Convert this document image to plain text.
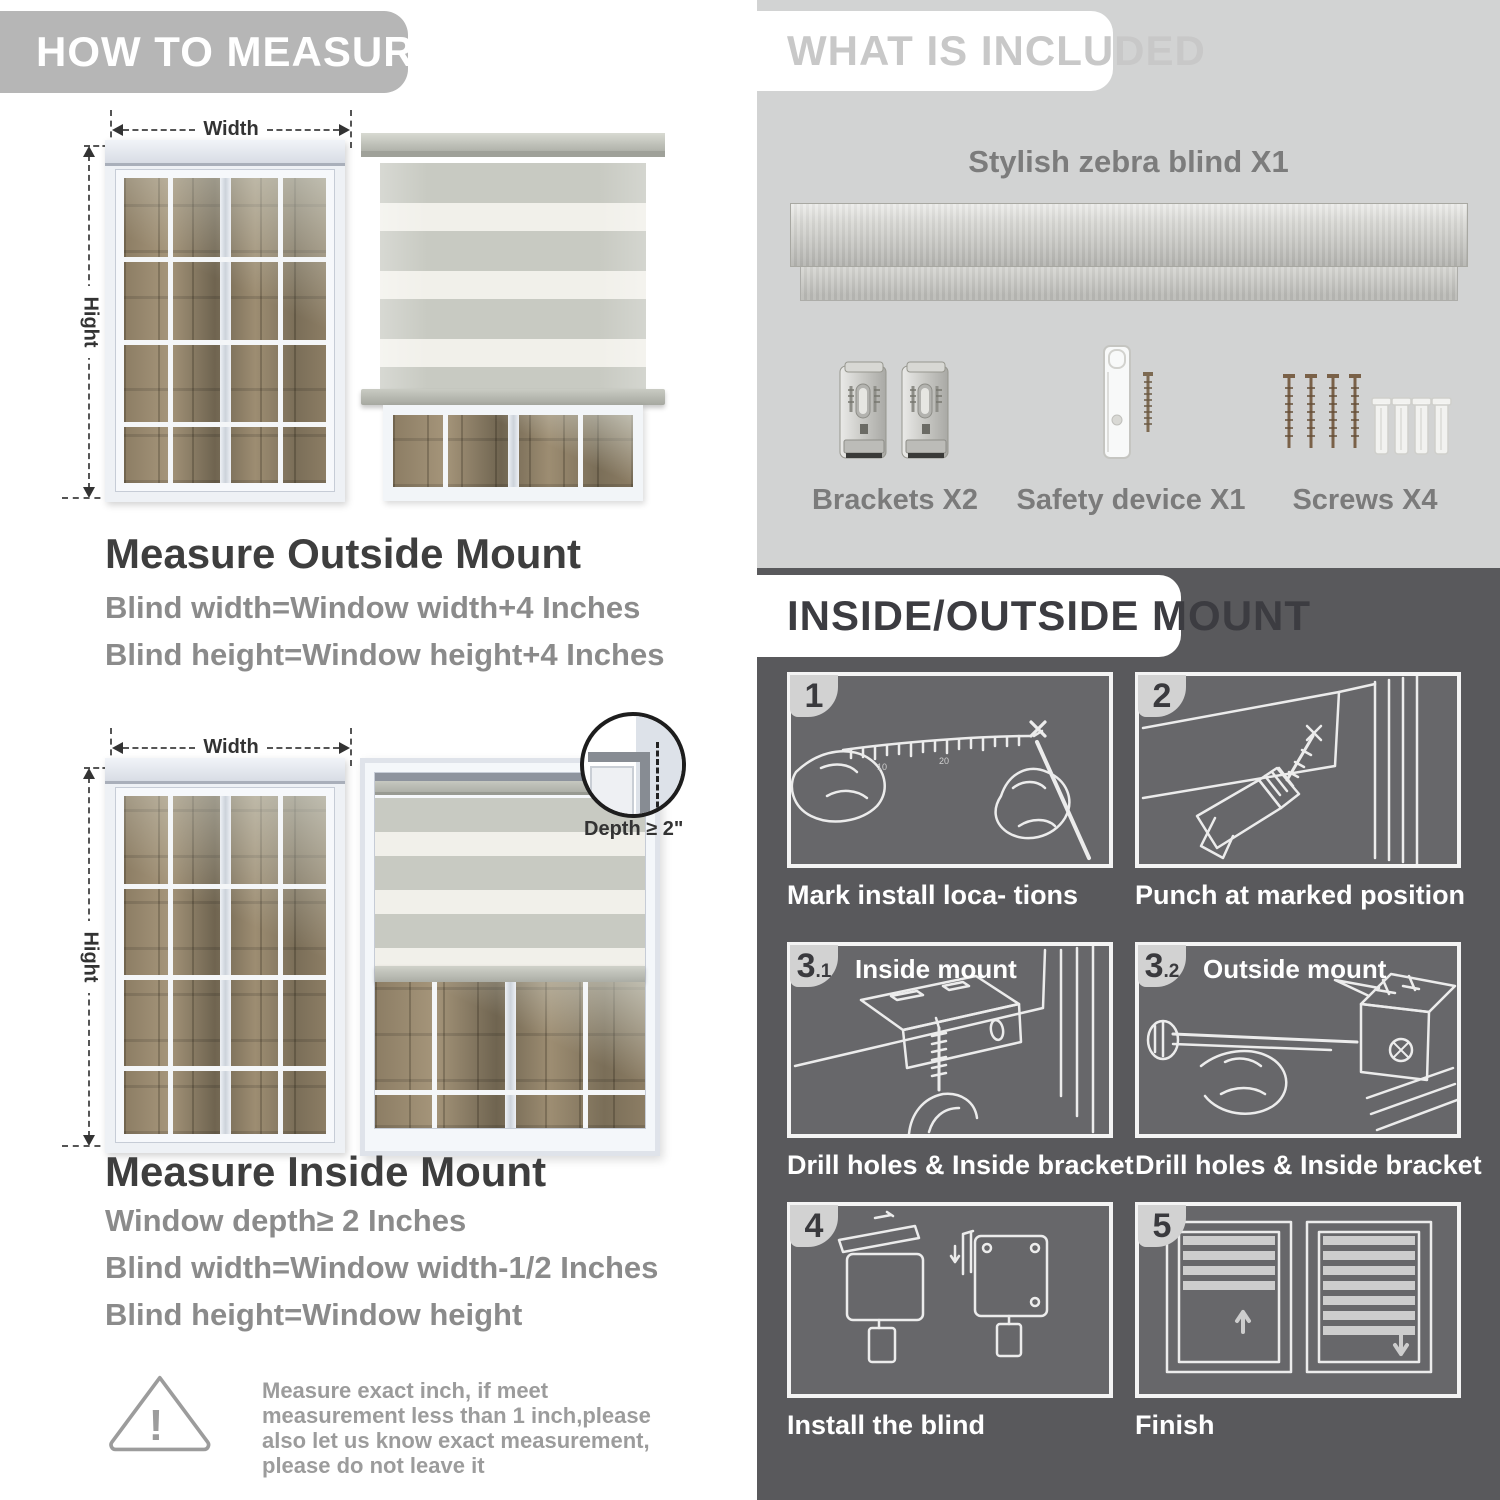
HOW TO MEASURE
Width
Hight
Measure Outside Mount
Blind width=Window width+4 Inches
Blind height=Window height+4 Inches
Width
Hight
Depth ≥ 2"
Measure Inside Mount
Window depth≥ 2 Inches
Blind width=Window width-1/2 Inches
Blind height=Window height
!
Measure exact inch, if meet measurement less than 1 inch,please also let us know exact measurement, please do not leave it
Stylish zebra blind X1
Brackets X2	Safety device X1	Screws X4
WHAT IS INCLUDED
INSIDE/OUTSIDE MOUNT
10
20
1
Mark install loca- tions
2
Punch at marked position
3 .1 Inside mount
Drill holes & Inside bracket
3 .2 Outside mount
Drill holes & Inside bracket
4
Install the blind
5
Finish
